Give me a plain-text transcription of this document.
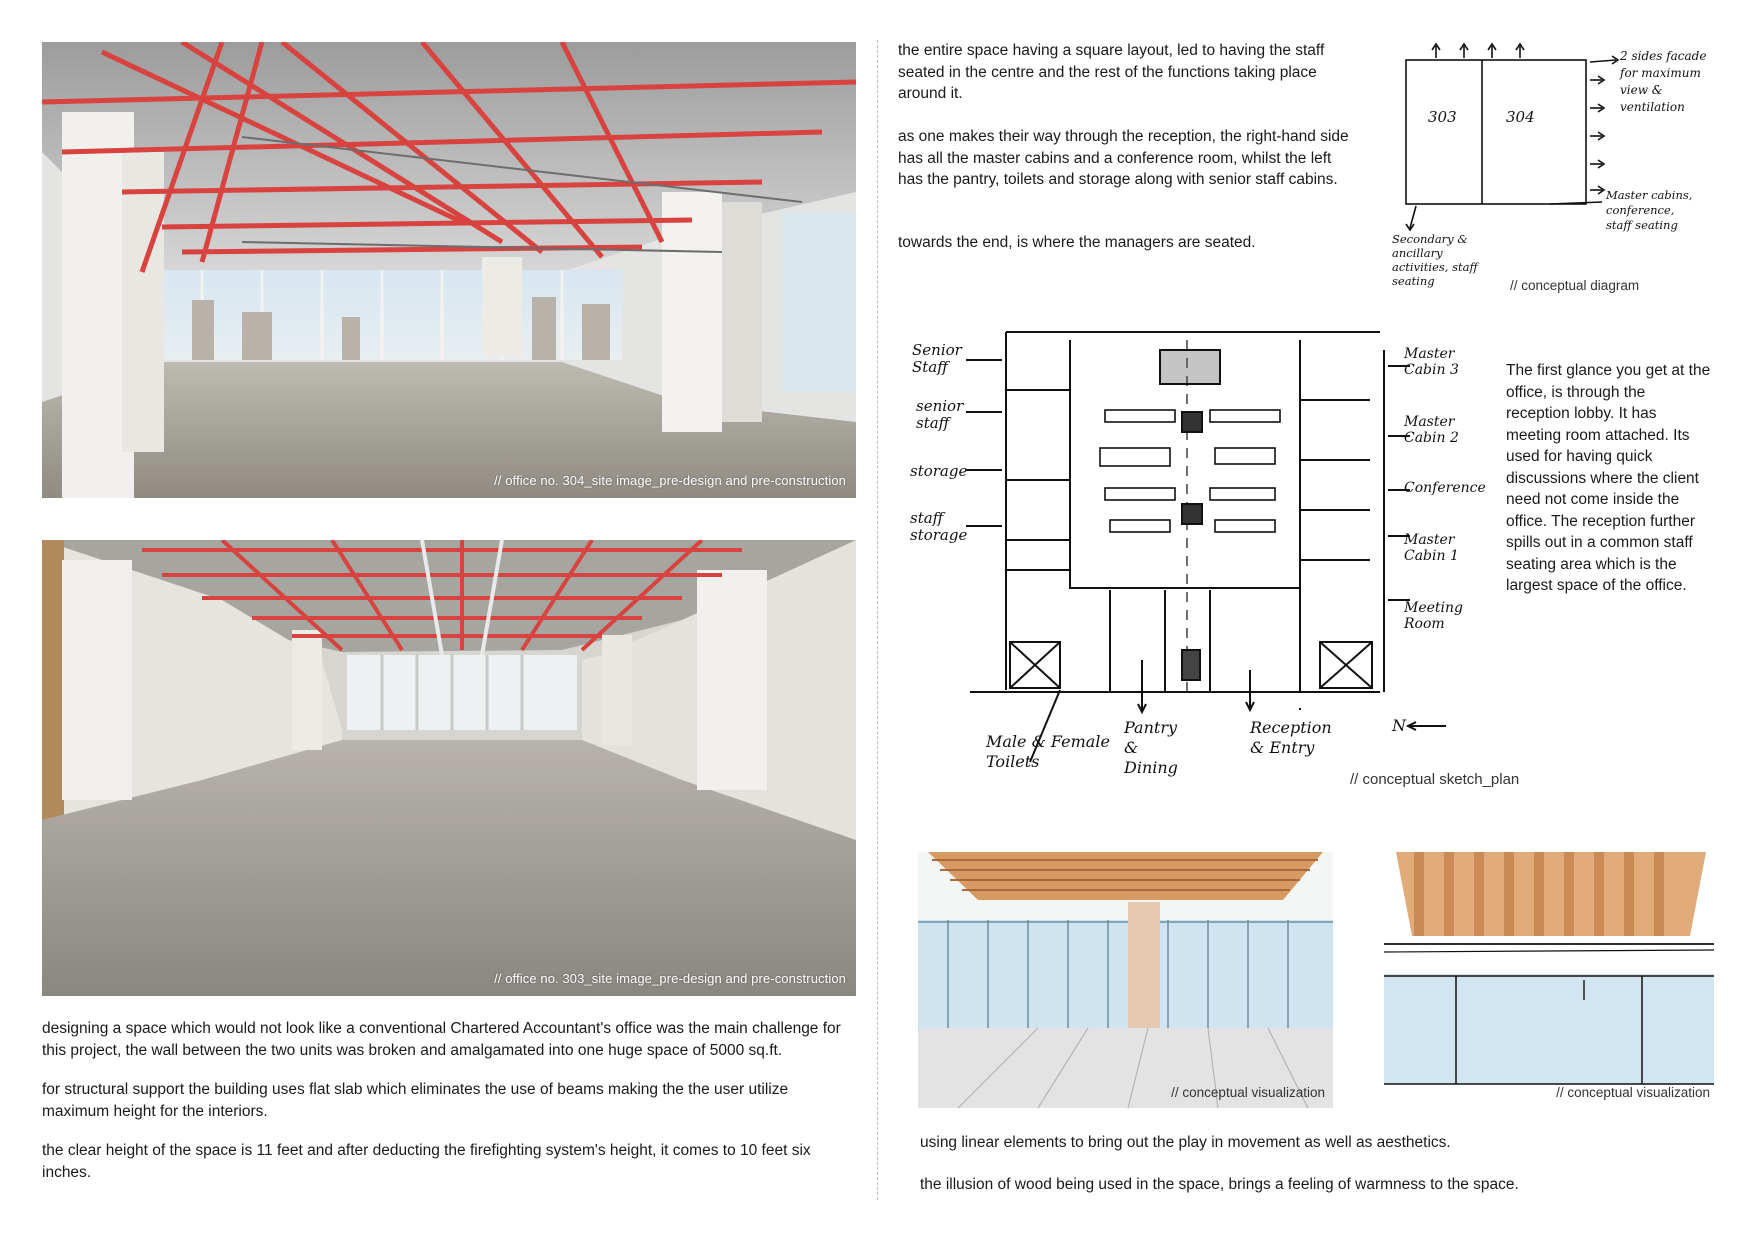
// office no. 304_site image_pre-design and pre-construction
// office no. 303_site image_pre-design and pre-construction

designing a space which would not look like a conventional Chartered Accountant's office was the main challenge for this project, the wall between the two units was broken and amalgamated into one huge space of 5000 sq.ft.

for structural support the building uses flat slab which eliminates the use of beams making the the user utilize maximum height for the interiors.

the clear height of the space is 11 feet and after deducting the firefighting system's height, it comes to 10 feet six inches.

the entire space having a square layout, led to having the staff seated in the centre and the rest of the functions taking place around it.

as one makes their way through the reception, the right-hand side has all the master cabins and a conference room, whilst the left has the pantry, toilets and storage along with senior staff cabins.

towards the end, is where the managers are seated.

303	304
2 sides facade for maximum view & ventilation
Master cabins, conference, staff seating
Secondary & ancillary activities, staff seating	// conceptual diagram
Senior Staff
senior staff
storage
staff storage
Master Cabin 3
Master Cabin 2
Conference
Master Cabin 1
Meeting Room
Male & Female Toilets
Pantry & Dining
Reception & Entry
N
// conceptual sketch_plan

The first glance you get at the office, is through the reception lobby. It has meeting room attached. Its used for having quick discussions where the client need not come inside the office. The reception further spills out in a common staff seating area which is the largest space of the office.

// conceptual visualization	// conceptual visualization

using linear elements to bring out the play in movement as well as aesthetics.

the illusion of wood being used in the space, brings a feeling of warmness to the space.
